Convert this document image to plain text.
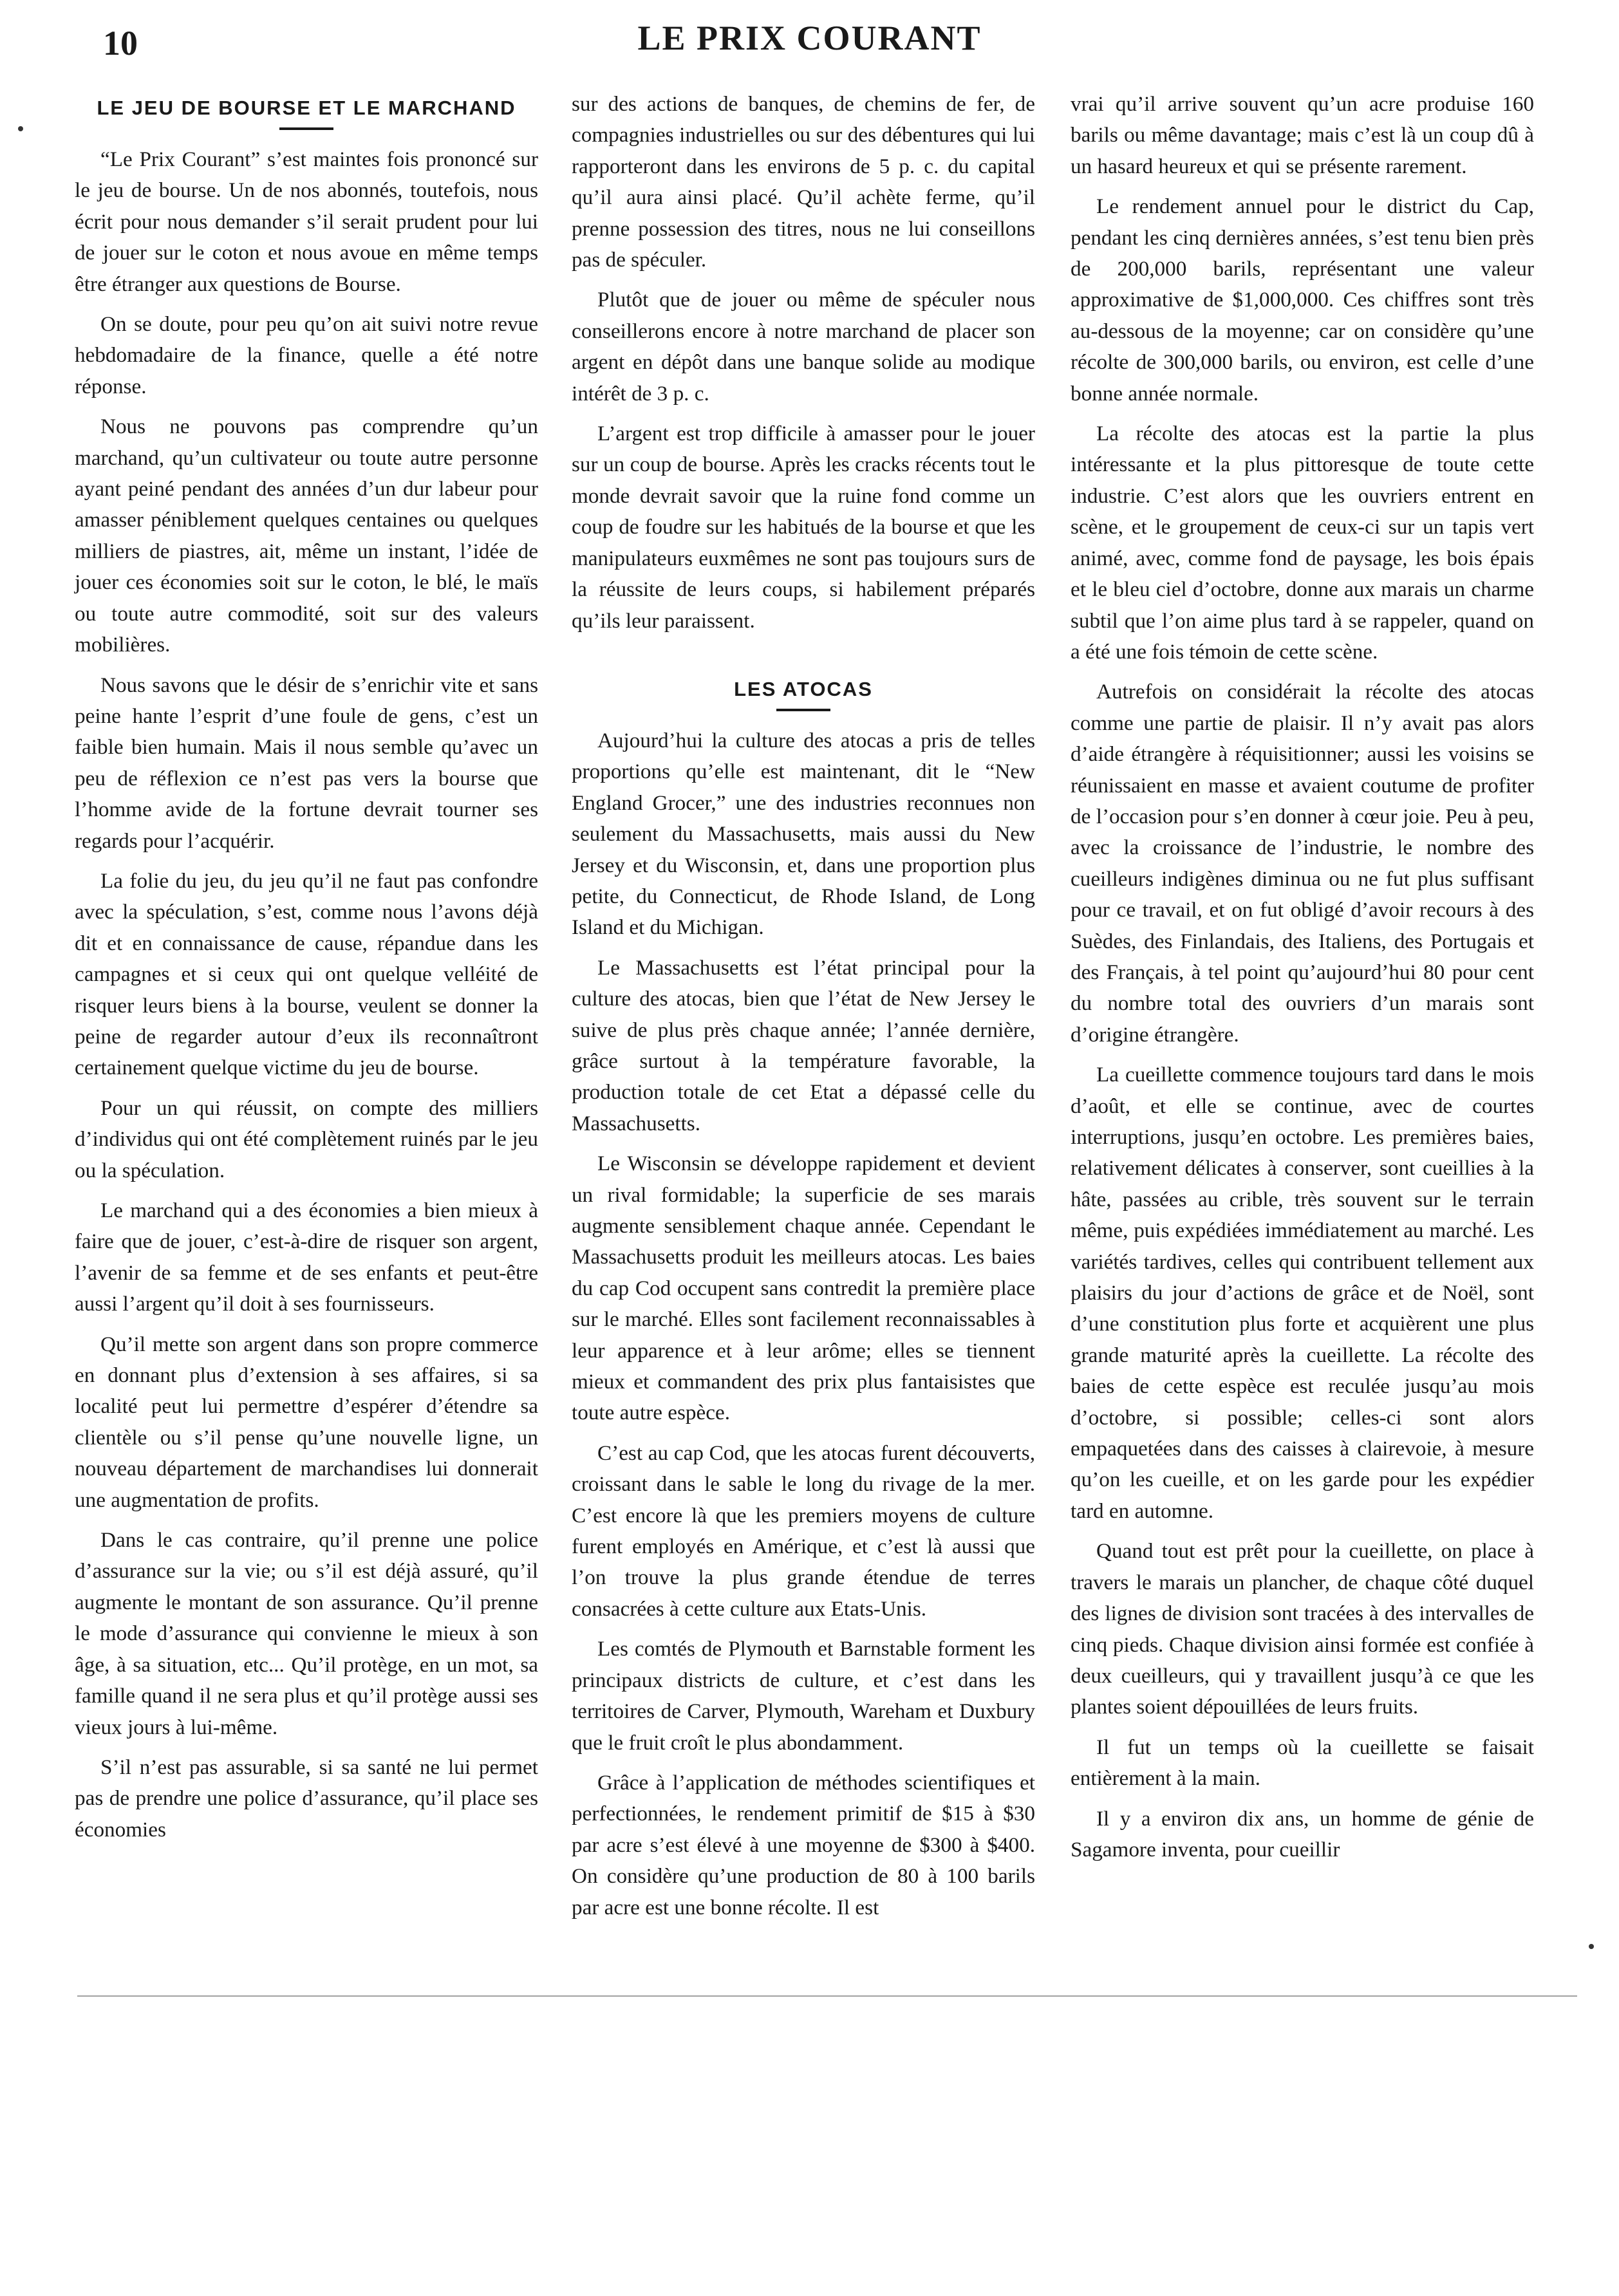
10	LE PRIX COURANT
LE JEU DE BOURSE ET LE MARCHAND

“Le Prix Courant” s’est maintes fois prononcé sur le jeu de bourse. Un de nos abonnés, toutefois, nous écrit pour nous demander s’il serait prudent pour lui de jouer sur le coton et nous avoue en même temps être étranger aux questions de Bourse.

On se doute, pour peu qu’on ait suivi notre revue hebdomadaire de la finance, quelle a été notre réponse.

Nous ne pouvons pas comprendre qu’un marchand, qu’un cultivateur ou toute autre personne ayant peiné pendant des années d’un dur labeur pour amasser péniblement quelques centaines ou quelques milliers de piastres, ait, même un instant, l’idée de jouer ces économies soit sur le coton, le blé, le maïs ou toute autre commodité, soit sur des valeurs mobilières.

Nous savons que le désir de s’enrichir vite et sans peine hante l’esprit d’une foule de gens, c’est un faible bien humain. Mais il nous semble qu’avec un peu de réflexion ce n’est pas vers la bourse que l’homme avide de la fortune devrait tourner ses regards pour l’acquérir.

La folie du jeu, du jeu qu’il ne faut pas confondre avec la spéculation, s’est, comme nous l’avons déjà dit et en connaissance de cause, répandue dans les campagnes et si ceux qui ont quelque velléité de risquer leurs biens à la bourse, veulent se donner la peine de regarder autour d’eux ils reconnaîtront certainement quelque victime du jeu de bourse.

Pour un qui réussit, on compte des milliers d’individus qui ont été complètement ruinés par le jeu ou la spéculation.

Le marchand qui a des économies a bien mieux à faire que de jouer, c’est-à-dire de risquer son argent, l’avenir de sa femme et de ses enfants et peut-être aussi l’argent qu’il doit à ses fournisseurs.

Qu’il mette son argent dans son propre commerce en donnant plus d’extension à ses affaires, si sa localité peut lui permettre d’espérer d’étendre sa clientèle ou s’il pense qu’une nouvelle ligne, un nouveau département de marchandises lui donnerait une augmentation de profits.

Dans le cas contraire, qu’il prenne une police d’assurance sur la vie; ou s’il est déjà assuré, qu’il augmente le montant de son assurance. Qu’il prenne le mode d’assurance qui convienne le mieux à son âge, à sa situation, etc... Qu’il protège, en un mot, sa famille quand il ne sera plus et qu’il protège aussi ses vieux jours à lui-même.

S’il n’est pas assurable, si sa santé ne lui permet pas de prendre une police d’assurance, qu’il place ses économies

sur des actions de banques, de chemins de fer, de compagnies industrielles ou sur des débentures qui lui rapporteront dans les environs de 5 p. c. du capital qu’il aura ainsi placé. Qu’il achète ferme, qu’il prenne possession des titres, nous ne lui conseillons pas de spéculer.

Plutôt que de jouer ou même de spéculer nous conseillerons encore à notre marchand de placer son argent en dépôt dans une banque solide au modique intérêt de 3 p. c.

L’argent est trop difficile à amasser pour le jouer sur un coup de bourse. Après les cracks récents tout le monde devrait savoir que la ruine fond comme un coup de foudre sur les habitués de la bourse et que les manipulateurs euxmêmes ne sont pas toujours surs de la réussite de leurs coups, si habilement préparés qu’ils leur paraissent.

LES ATOCAS

Aujourd’hui la culture des atocas a pris de telles proportions qu’elle est maintenant, dit le “New England Grocer,” une des industries reconnues non seulement du Massachusetts, mais aussi du New Jersey et du Wisconsin, et, dans une proportion plus petite, du Connecticut, de Rhode Island, de Long Island et du Michigan.

Le Massachusetts est l’état principal pour la culture des atocas, bien que l’état de New Jersey le suive de plus près chaque année; l’année dernière, grâce surtout à la température favorable, la production totale de cet Etat a dépassé celle du Massachusetts.

Le Wisconsin se développe rapidement et devient un rival formidable; la superficie de ses marais augmente sensiblement chaque année. Cependant le Massachusetts produit les meilleurs atocas. Les baies du cap Cod occupent sans contredit la première place sur le marché. Elles sont facilement reconnaissables à leur apparence et à leur arôme; elles se tiennent mieux et commandent des prix plus fantaisistes que toute autre espèce.

C’est au cap Cod, que les atocas furent découverts, croissant dans le sable le long du rivage de la mer. C’est encore là que les premiers moyens de culture furent employés en Amérique, et c’est là aussi que l’on trouve la plus grande étendue de terres consacrées à cette culture aux Etats-Unis.

Les comtés de Plymouth et Barnstable forment les principaux districts de culture, et c’est dans les territoires de Carver, Plymouth, Wareham et Duxbury que le fruit croît le plus abondamment.

Grâce à l’application de méthodes scientifiques et perfectionnées, le rendement primitif de $15 à $30 par acre s’est élevé à une moyenne de $300 à $400. On considère qu’une production de 80 à 100 barils par acre est une bonne récolte. Il est

vrai qu’il arrive souvent qu’un acre produise 160 barils ou même davantage; mais c’est là un coup dû à un hasard heureux et qui se présente rarement.

Le rendement annuel pour le district du Cap, pendant les cinq dernières années, s’est tenu bien près de 200,000 barils, représentant une valeur approximative de $1,000,000. Ces chiffres sont très au-dessous de la moyenne; car on considère qu’une récolte de 300,000 barils, ou environ, est celle d’une bonne année normale.

La récolte des atocas est la partie la plus intéressante et la plus pittoresque de toute cette industrie. C’est alors que les ouvriers entrent en scène, et le groupement de ceux-ci sur un tapis vert animé, avec, comme fond de paysage, les bois épais et le bleu ciel d’octobre, donne aux marais un charme subtil que l’on aime plus tard à se rappeler, quand on a été une fois témoin de cette scène.

Autrefois on considérait la récolte des atocas comme une partie de plaisir. Il n’y avait pas alors d’aide étrangère à réquisitionner; aussi les voisins se réunissaient en masse et avaient coutume de profiter de l’occasion pour s’en donner à cœur joie. Peu à peu, avec la croissance de l’industrie, le nombre des cueilleurs indigènes diminua ou ne fut plus suffisant pour ce travail, et on fut obligé d’avoir recours à des Suèdes, des Finlandais, des Italiens, des Portugais et des Français, à tel point qu’aujourd’hui 80 pour cent du nombre total des ouvriers d’un marais sont d’origine étrangère.

La cueillette commence toujours tard dans le mois d’août, et elle se continue, avec de courtes interruptions, jusqu’en octobre. Les premières baies, relativement délicates à conserver, sont cueillies à la hâte, passées au crible, très souvent sur le terrain même, puis expédiées immédiatement au marché. Les variétés tardives, celles qui contribuent tellement aux plaisirs du jour d’actions de grâce et de Noël, sont d’une constitution plus forte et acquièrent une plus grande maturité après la cueillette. La récolte des baies de cette espèce est reculée jusqu’au mois d’octobre, si possible; celles-ci sont alors empaquetées dans des caisses à clairevoie, à mesure qu’on les cueille, et on les garde pour les expédier tard en automne.

Quand tout est prêt pour la cueillette, on place à travers le marais un plancher, de chaque côté duquel des lignes de division sont tracées à des intervalles de cinq pieds. Chaque division ainsi formée est confiée à deux cueilleurs, qui y travaillent jusqu’à ce que les plantes soient dépouillées de leurs fruits.

Il fut un temps où la cueillette se faisait entièrement à la main.

Il y a environ dix ans, un homme de génie de Sagamore inventa, pour cueillir
